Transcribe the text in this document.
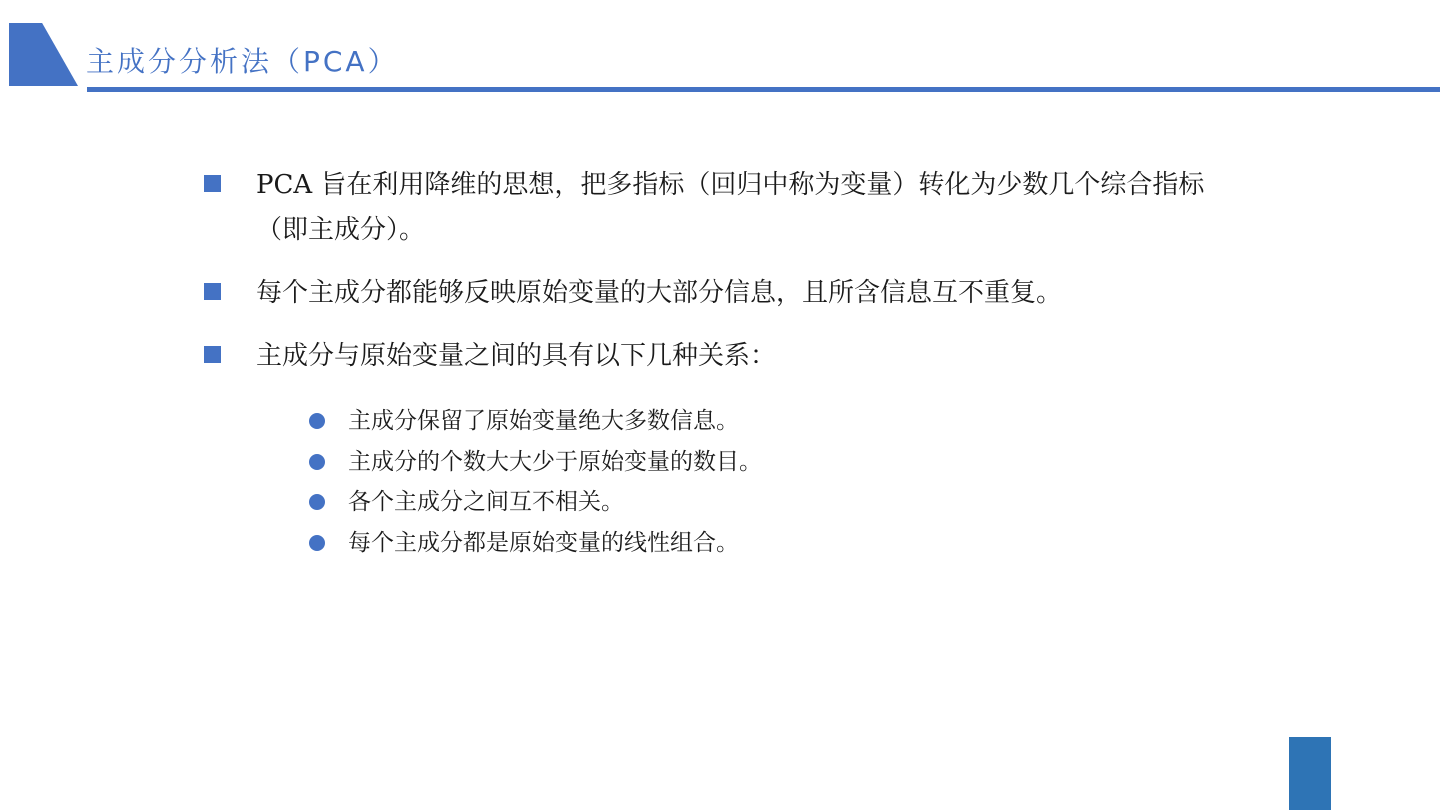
主成分分析法（PCA）
PCA 旨在利用降维的思想，把多指标（回归中称为变量）转化为少数几个综合指标（即主成分）。
每个主成分都能够反映原始变量的大部分信息，且所含信息互不重复。
主成分与原始变量之间的具有以下几种关系：
主成分保留了原始变量绝大多数信息。
主成分的个数大大少于原始变量的数目。
各个主成分之间互不相关。
每个主成分都是原始变量的线性组合。
